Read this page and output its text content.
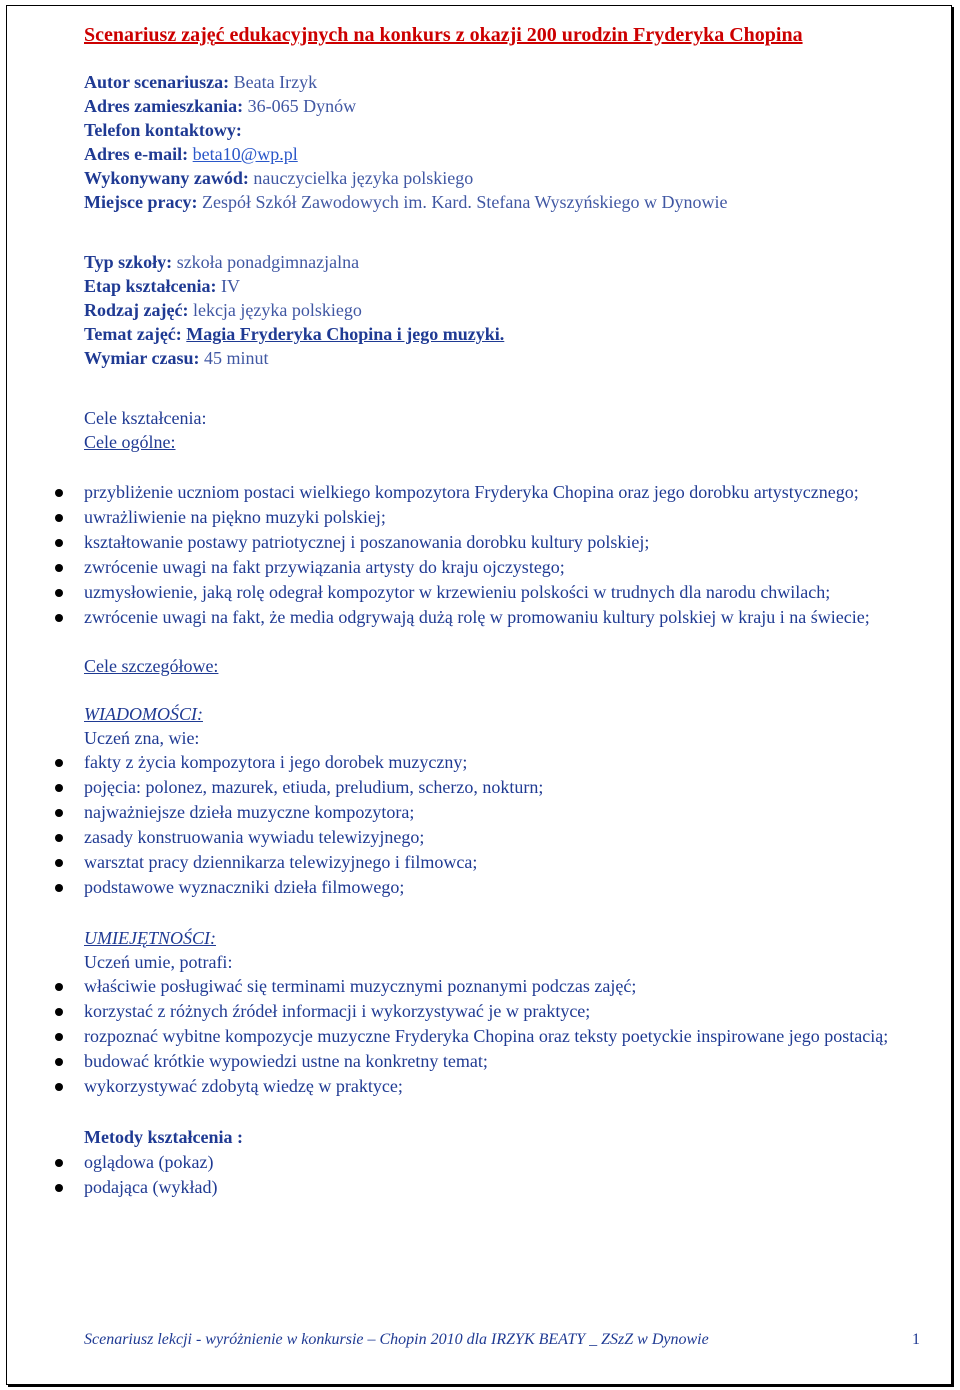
Scenariusz zajęć edukacyjnych na konkurs z okazji 200 urodzin Fryderyka Chopina

Autor scenariusza: Beata Irzyk

Adres zamieszkania: 36-065 Dynów

Telefon kontaktowy:

Adres e-mail: beta10@wp.pl

Wykonywany zawód: nauczycielka języka polskiego

Miejsce pracy: Zespół Szkół Zawodowych im. Kard. Stefana Wyszyńskiego w Dynowie

Typ szkoły: szkoła ponadgimnazjalna

Etap kształcenia: IV

Rodzaj zajęć: lekcja języka polskiego

Temat zajęć: Magia Fryderyka Chopina i jego muzyki.

Wymiar czasu: 45 minut

Cele kształcenia:

Cele ogólne:

przybliżenie uczniom postaci wielkiego kompozytora Fryderyka Chopina oraz jego dorobku artystycznego;
uwrażliwienie na piękno muzyki polskiej;
kształtowanie postawy patriotycznej i poszanowania dorobku kultury polskiej;
zwrócenie uwagi na fakt przywiązania artysty do kraju ojczystego;
uzmysłowienie, jaką rolę odegrał kompozytor w krzewieniu polskości w trudnych dla narodu chwilach;
zwrócenie uwagi na fakt, że media odgrywają dużą rolę w promowaniu kultury polskiej w kraju i na świecie;

Cele szczegółowe:

WIADOMOŚCI:

Uczeń zna, wie:

fakty z życia kompozytora i jego dorobek muzyczny;
pojęcia: polonez, mazurek, etiuda, preludium, scherzo, nokturn;
najważniejsze dzieła muzyczne kompozytora;
zasady konstruowania wywiadu telewizyjnego;
warsztat pracy dziennikarza telewizyjnego i filmowca;
podstawowe wyznaczniki dzieła filmowego;

UMIEJĘTNOŚCI:

Uczeń umie, potrafi:

właściwie posługiwać się terminami muzycznymi poznanymi podczas zajęć;
korzystać z różnych źródeł informacji i wykorzystywać je w praktyce;
rozpoznać wybitne kompozycje muzyczne Fryderyka Chopina oraz teksty poetyckie inspirowane jego postacią;
budować krótkie wypowiedzi ustne na konkretny temat;
wykorzystywać zdobytą wiedzę w praktyce;

Metody kształcenia :

oglądowa (pokaz)
podająca (wykład)
Scenariusz lekcji - wyróżnienie w konkursie – Chopin 2010 dla IRZYK BEATY _ ZSzZ w Dynowie	1
